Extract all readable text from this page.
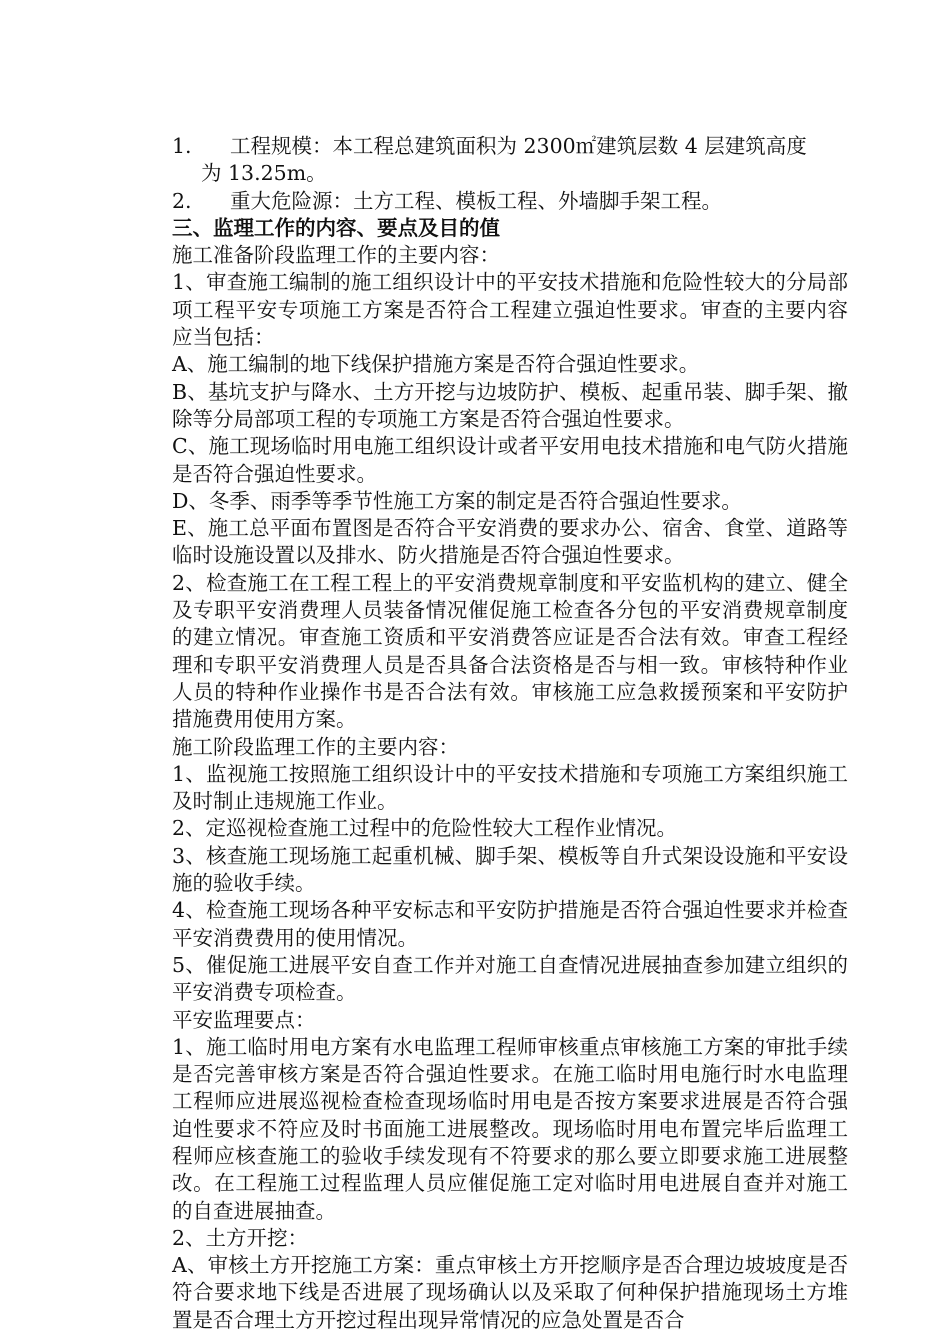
1.	工程规模：本工程总建筑面积为 2300㎡建筑层数 4 层建筑高度

为 13.25m。

2.	重大危险源：土方工程、模板工程、外墙脚手架工程。

三、监理工作的内容、要点及目的值

施工准备阶段监理工作的主要内容：

1、审查施工编制的施工组织设计中的平安技术措施和危险性较大的分局部项工程平安专项施工方案是否符合工程建立强迫性要求。审查的主要内容应当包括：

A、施工编制的地下线保护措施方案是否符合强迫性要求。

B、基坑支护与降水、土方开挖与边坡防护、模板、起重吊装、脚手架、撤除等分局部项工程的专项施工方案是否符合强迫性要求。

C、施工现场临时用电施工组织设计或者平安用电技术措施和电气防火措施是否符合强迫性要求。

D、冬季、雨季等季节性施工方案的制定是否符合强迫性要求。

E、施工总平面布置图是否符合平安消费的要求办公、宿舍、食堂、道路等临时设施设置以及排水、防火措施是否符合强迫性要求。

2、检查施工在工程工程上的平安消费规章制度和平安监机构的建立、健全及专职平安消费理人员装备情况催促施工检查各分包的平安消费规章制度的建立情况。审查施工资质和平安消费答应证是否合法有效。审查工程经理和专职平安消费理人员是否具备合法资格是否与相一致。审核特种作业人员的特种作业操作书是否合法有效。审核施工应急救援预案和平安防护措施费用使用方案。

施工阶段监理工作的主要内容：

1、监视施工按照施工组织设计中的平安技术措施和专项施工方案组织施工及时制止违规施工作业。

2、定巡视检查施工过程中的危险性较大工程作业情况。

3、核查施工现场施工起重机械、脚手架、模板等自升式架设设施和平安设施的验收手续。

4、检查施工现场各种平安标志和平安防护措施是否符合强迫性要求并检查平安消费费用的使用情况。

5、催促施工进展平安自查工作并对施工自查情况进展抽查参加建立组织的平安消费专项检查。

平安监理要点：

1、施工临时用电方案有水电监理工程师审核重点审核施工方案的审批手续是否完善审核方案是否符合强迫性要求。在施工临时用电施行时水电监理工程师应进展巡视检查检查现场临时用电是否按方案要求进展是否符合强迫性要求不符应及时书面施工进展整改。现场临时用电布置完毕后监理工程师应核查施工的验收手续发现有不符要求的那么要立即要求施工进展整改。在工程施工过程监理人员应催促施工定对临时用电进展自查并对施工的自查进展抽查。

2、土方开挖：

A、审核土方开挖施工方案：重点审核土方开挖顺序是否合理边坡坡度是否符合要求地下线是否进展了现场确认以及采取了何种保护措施现场土方堆置是否合理土方开挖过程出现异常情况的应急处置是否合
